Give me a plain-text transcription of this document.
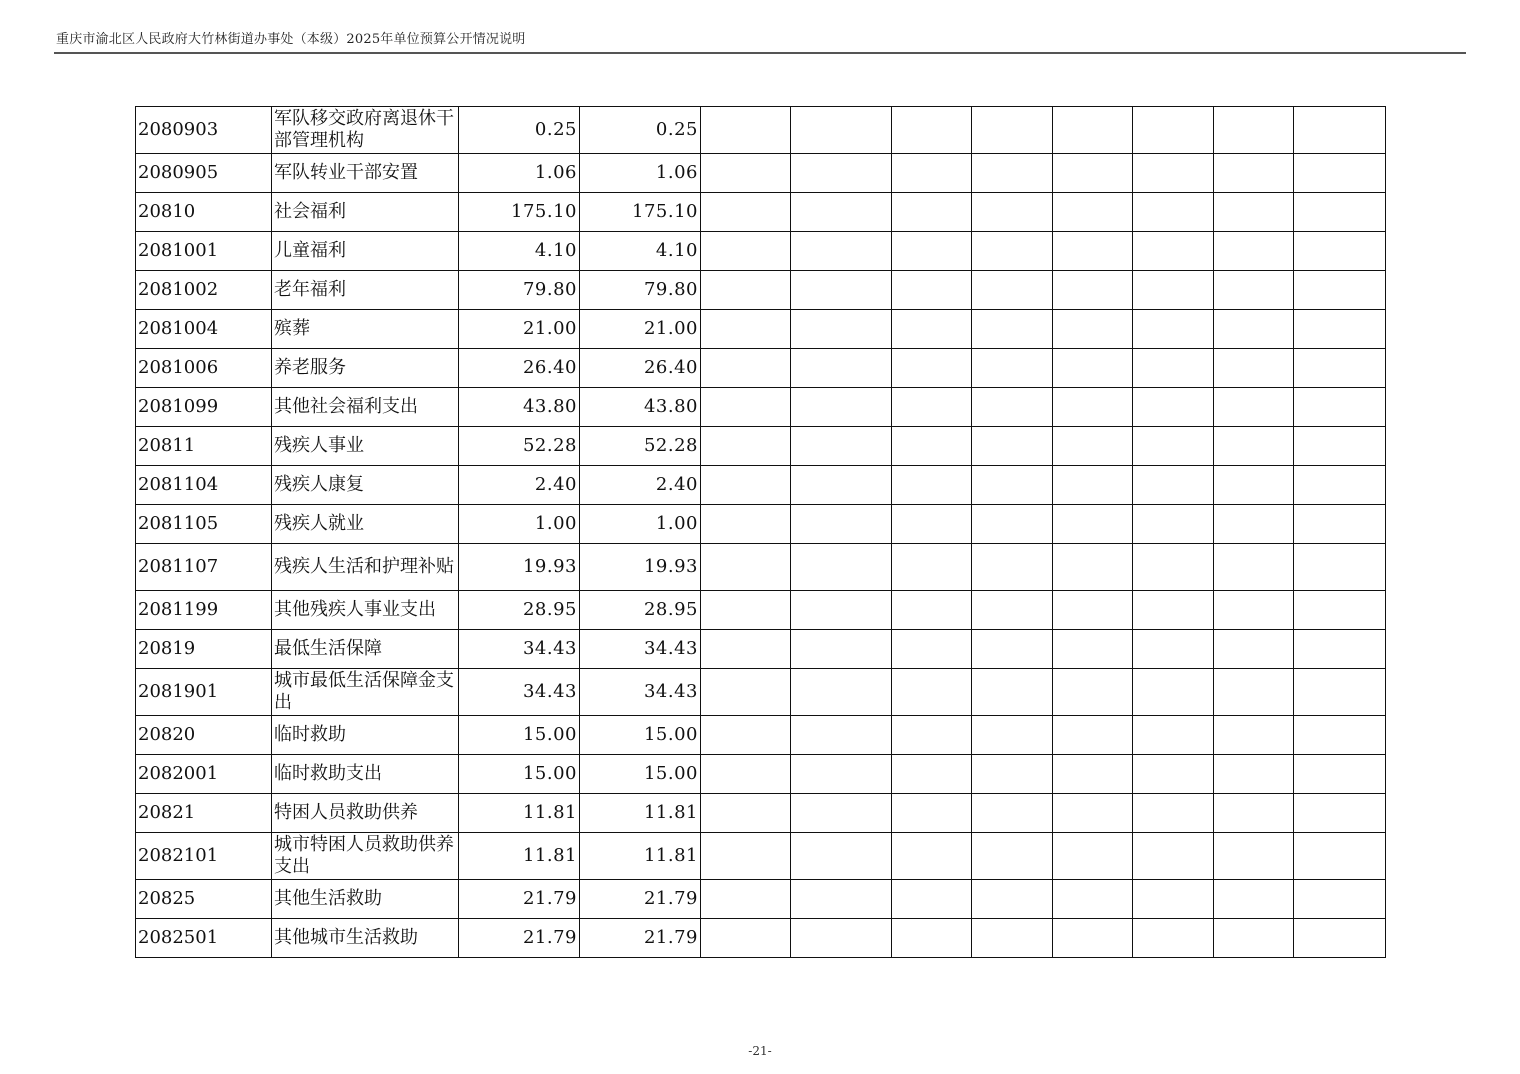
重庆市渝北区人民政府大竹林街道办事处（本级）2025年单位预算公开情况说明
2080903	军队移交政府离退休干部管理机构	0.25	0.25								
2080905	军队转业干部安置	1.06	1.06								
20810	社会福利	175.10	175.10								
2081001	儿童福利	4.10	4.10								
2081002	老年福利	79.80	79.80								
2081004	殡葬	21.00	21.00								
2081006	养老服务	26.40	26.40								
2081099	其他社会福利支出	43.80	43.80								
20811	残疾人事业	52.28	52.28								
2081104	残疾人康复	2.40	2.40								
2081105	残疾人就业	1.00	1.00								
2081107	残疾人生活和护理补贴	19.93	19.93								
2081199	其他残疾人事业支出	28.95	28.95								
20819	最低生活保障	34.43	34.43								
2081901	城市最低生活保障金支出	34.43	34.43								
20820	临时救助	15.00	15.00								
2082001	临时救助支出	15.00	15.00								
20821	特困人员救助供养	11.81	11.81								
2082101	城市特困人员救助供养支出	11.81	11.81								
20825	其他生活救助	21.79	21.79								
2082501	其他城市生活救助	21.79	21.79								
-21-
